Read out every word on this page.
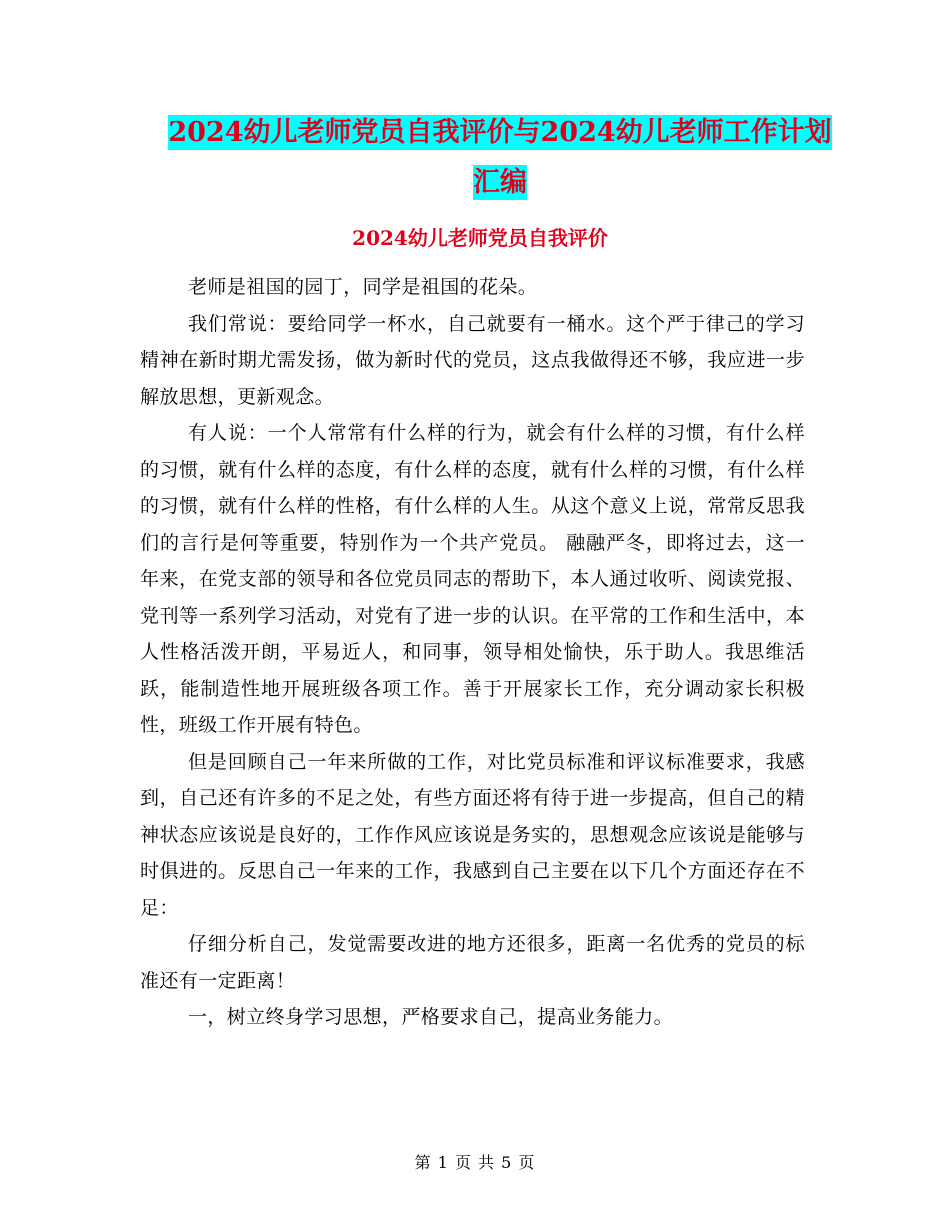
2024幼儿老师党员自我评价与2024幼儿老师工作计划
汇编
2024幼儿老师党员自我评价

老师是祖国的园丁，同学是祖国的花朵。

我们常说：要给同学一杯水，自己就要有一桶水。这个严于律己的学习精神在新时期尤需发扬，做为新时代的党员，这点我做得还不够，我应进一步解放思想，更新观念。

有人说：一个人常常有什么样的行为，就会有什么样的习惯，有什么样的习惯，就有什么样的态度，有什么样的态度，就有什么样的习惯，有什么样的习惯，就有什么样的性格，有什么样的人生。从这个意义上说，常常反思我们的言行是何等重要，特别作为一个共产党员。 融融严冬，即将过去，这一年来，在党支部的领导和各位党员同志的帮助下，本人通过收听、阅读党报、党刊等一系列学习活动，对党有了进一步的认识。在平常的工作和生活中，本人性格活泼开朗，平易近人，和同事，领导相处愉快，乐于助人。我思维活跃，能制造性地开展班级各项工作。善于开展家长工作，充分调动家长积极性，班级工作开展有特色。

但是回顾自己一年来所做的工作，对比党员标准和评议标准要求，我感到，自己还有许多的不足之处，有些方面还将有待于进一步提高，但自己的精神状态应该说是良好的，工作作风应该说是务实的，思想观念应该说是能够与时俱进的。反思自己一年来的工作，我感到自己主要在以下几个方面还存在不足：

仔细分析自己，发觉需要改进的地方还很多，距离一名优秀的党员的标准还有一定距离！

一，树立终身学习思想，严格要求自己，提高业务能力。

第 1 页 共 5 页
